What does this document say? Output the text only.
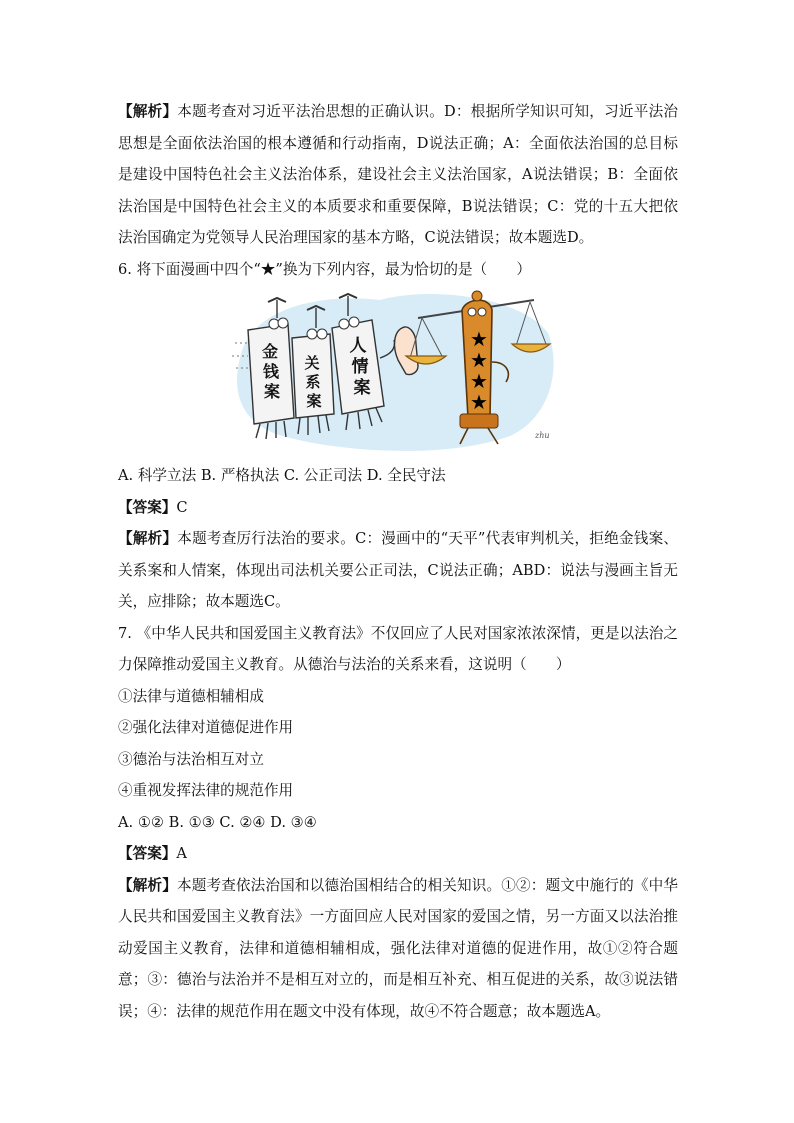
【解析】本题考查对习近平法治思想的正确认识。D：根据所学知识可知，习近平法治思想是全面依法治国的根本遵循和行动指南，D说法正确；A：全面依法治国的总目标是建设中国特色社会主义法治体系，建设社会主义法治国家，A说法错误；B：全面依法治国是中国特色社会主义的本质要求和重要保障，B说法错误；C：党的十五大把依法治国确定为党领导人民治理国家的基本方略，C说法错误；故本题选D。

6. 将下面漫画中四个“★”换为下列内容，最为恰切的是（　　）

金
钱
案
关
系
案
人
情
案
★
★
★
★
zhu

A. 科学立法 B. 严格执法 C. 公正司法 D. 全民守法

【答案】C

【解析】本题考查厉行法治的要求。C：漫画中的“天平”代表审判机关，拒绝金钱案、关系案和人情案，体现出司法机关要公正司法，C说法正确；ABD：说法与漫画主旨无关，应排除；故本题选C。

7. 《中华人民共和国爱国主义教育法》不仅回应了人民对国家浓浓深情，更是以法治之力保障推动爱国主义教育。从德治与法治的关系来看，这说明（　　）

①法律与道德相辅相成

②强化法律对道德促进作用

③德治与法治相互对立

④重视发挥法律的规范作用

A. ①② B. ①③ C. ②④ D. ③④

【答案】A

【解析】本题考查依法治国和以德治国相结合的相关知识。①②：题文中施行的《中华人民共和国爱国主义教育法》一方面回应人民对国家的爱国之情，另一方面又以法治推动爱国主义教育，法律和道德相辅相成，强化法律对道德的促进作用，故①②符合题意；③：德治与法治并不是相互对立的，而是相互补充、相互促进的关系，故③说法错误；④：法律的规范作用在题文中没有体现，故④不符合题意；故本题选A。
